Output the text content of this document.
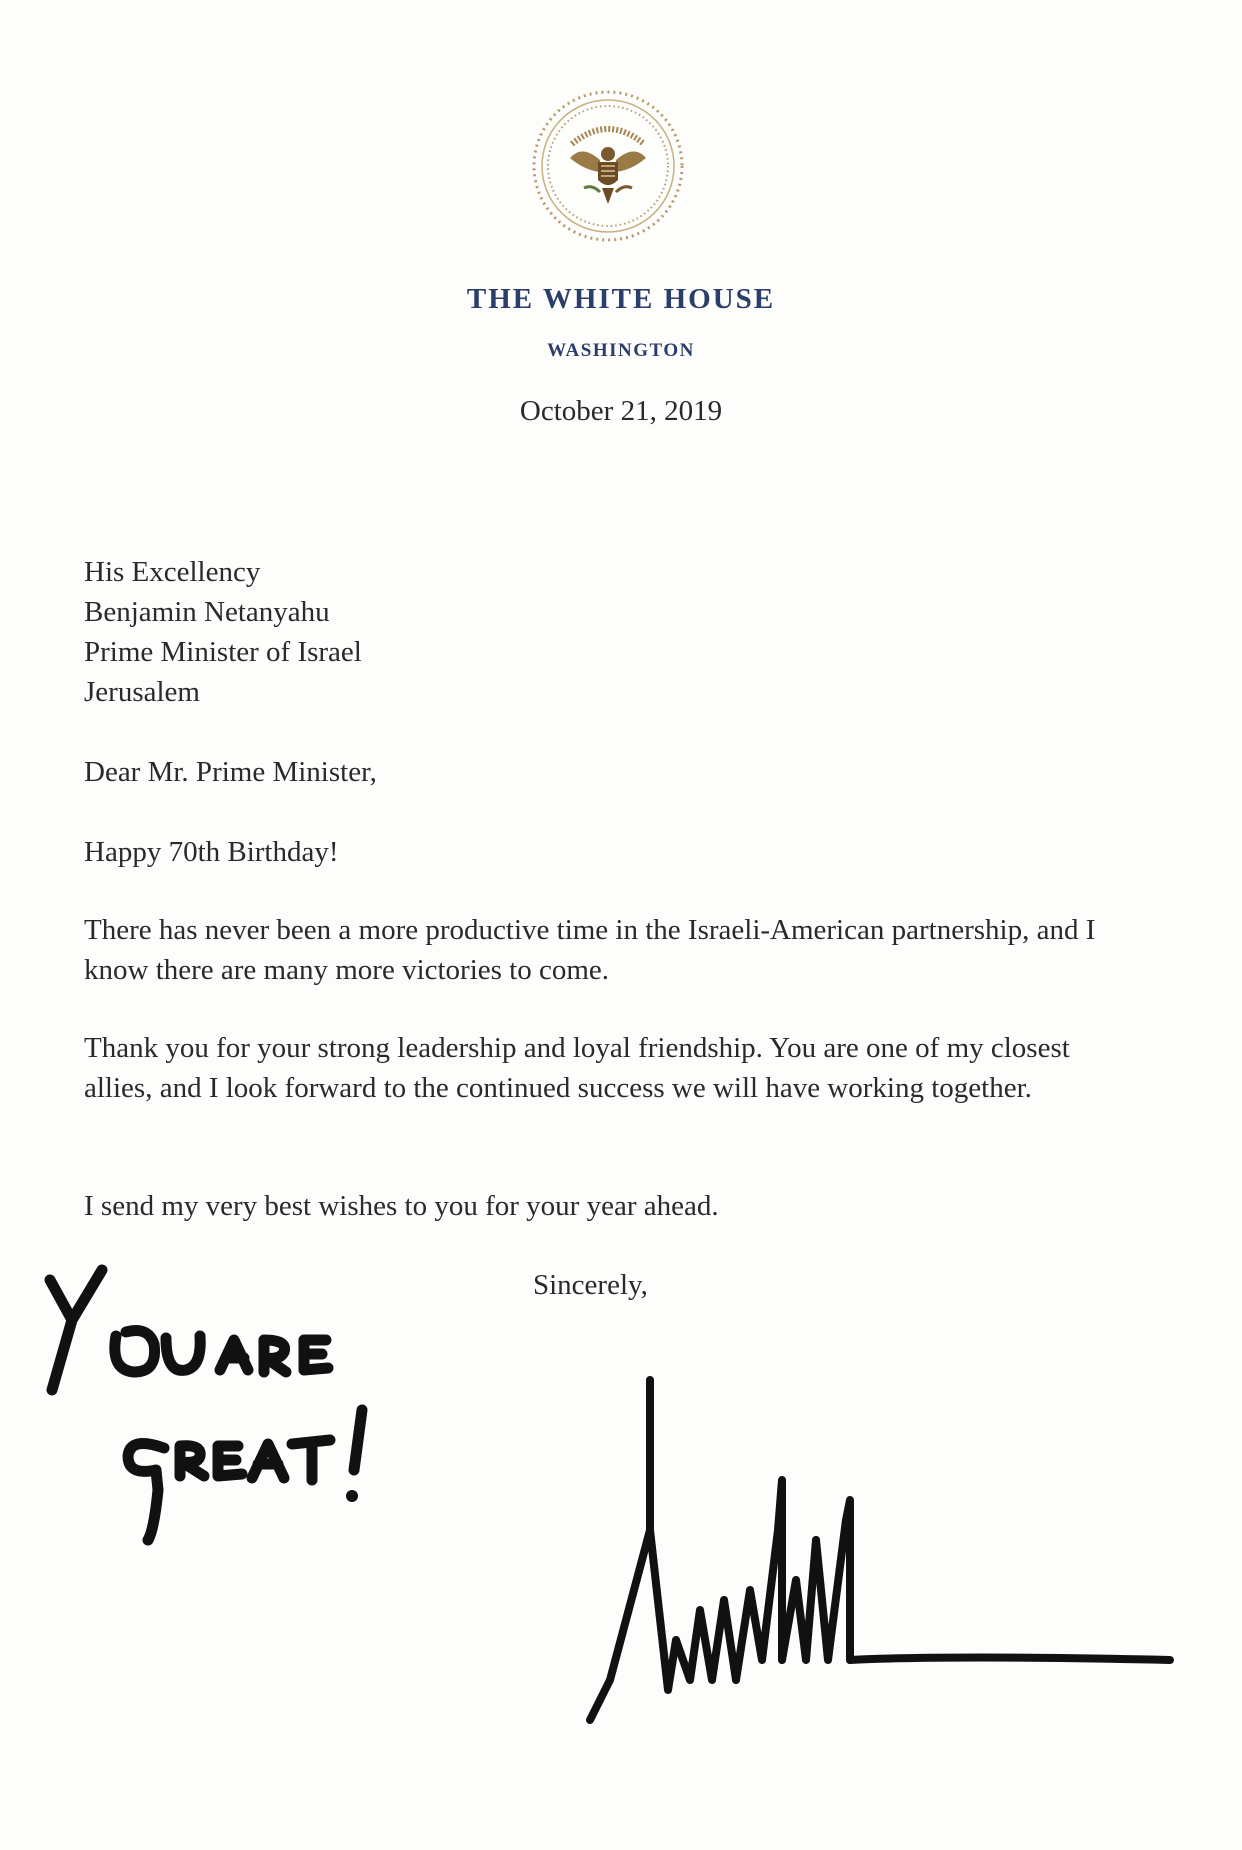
THE WHITE HOUSE
WASHINGTON
October 21, 2019
His Excellency
Benjamin Netanyahu
Prime Minister of Israel
Jerusalem
Dear Mr. Prime Minister,
Happy 70th Birthday!
There has never been a more productive time in the Israeli-American partnership, and I know there are many more victories to come.
Thank you for your strong leadership and loyal friendship. You are one of my closest allies, and I look forward to the continued success we will have working together.
I send my very best wishes to you for your year ahead.
Sincerely,
